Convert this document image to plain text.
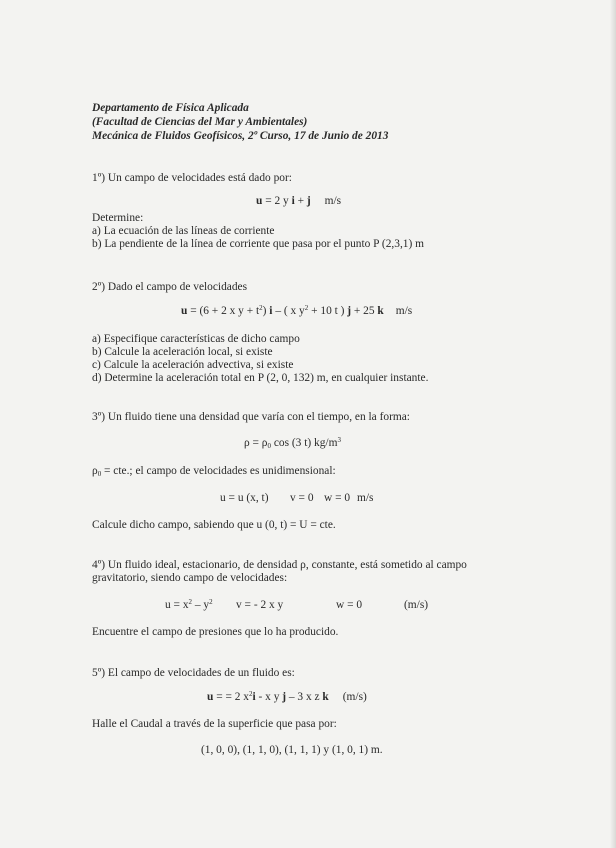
Departamento de Física Aplicada
(Facultad de Ciencias del Mar y Ambientales)
Mecánica de Fluidos Geofísicos, 2º Curso, 17 de Junio de 2013
1º) Un campo de velocidades está dado por:
u = 2 y i + j m/s
Determine:
a) La ecuación de las líneas de corriente
b) La pendiente de la línea de corriente que pasa por el punto P (2,3,1) m
2º) Dado el campo de velocidades
u = (6 + 2 x $y + t^2$) i – ( x $y^2 + 10$ t ) j + 25 k m/s
a) Especifique características de dicho campo
b) Calcule la aceleración local, si existe
c) Calcule la aceleración advectiva, si existe
d) Determine la aceleración total en P (2, 0, 132) m, en cualquier instante.
3º) Un fluido tiene una densidad que varía con el tiempo, en la forma:
$\rho = \rho_0$ cos (3 t) $kg/m^3$
$\rho_0$ = cte.; el campo de velocidades es unidimensional:
u = u (x, t) v = 0 w = 0 m/s
Calcule dicho campo, sabiendo que u (0, t) = U = cte.
4º) Un fluido ideal, estacionario, de densidad ρ, constante, está sometido al campo
gravitatorio, siendo campo de velocidades:
$u = x^2 - y^2$ v = - 2 x y	w = 0	(m/s)
Encuentre el campo de presiones que lo ha producido.
5º) El campo de velocidades de un fluido es:
u = = 2 $x^2i$ - x y j – 3 x z k (m/s)
Halle el Caudal a través de la superficie que pasa por:
(1, 0, 0), (1, 1, 0), (1, 1, 1) y (1, 0, 1) m.
